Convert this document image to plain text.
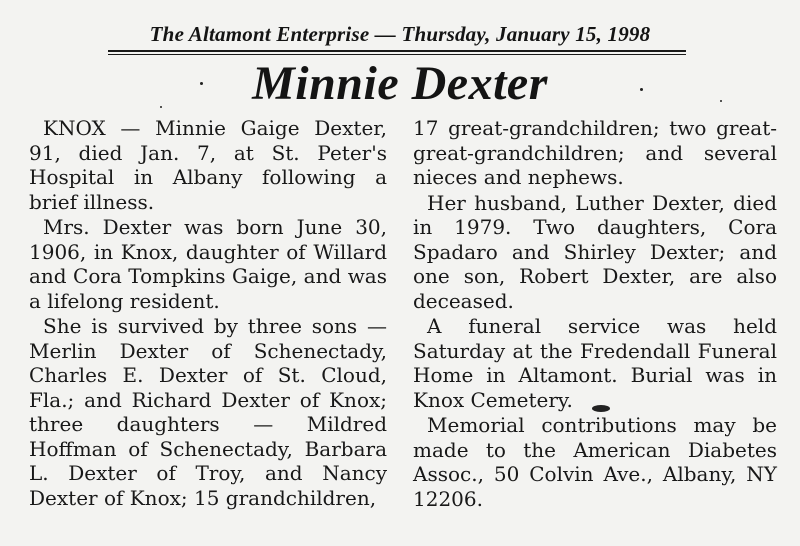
The Altamont Enterprise — Thursday, January 15, 1998
Minnie Dexter

KNOX — Minnie Gaige Dexter, 91, died Jan. 7, at St. Peter's Hospital in Albany following a brief illness.

Mrs. Dexter was born June 30, 1906, in Knox, daughter of Willard and Cora Tompkins Gaige, and was a lifelong resident.

She is survived by three sons — Merlin Dexter of Schenectady, Charles E. Dexter of St. Cloud, Fla.; and Richard Dexter of Knox; three daughters — Mildred Hoffman of Schenectady, Barbara L. Dexter of Troy, and Nancy Dexter of Knox; 15 grandchildren,

17 great-grandchildren; two great-great-grandchildren; and several nieces and nephews.

Her husband, Luther Dexter, died in 1979. Two daughters, Cora Spadaro and Shirley Dexter; and one son, Robert Dexter, are also deceased.

A funeral service was held Saturday at the Fredendall Funeral Home in Altamont. Burial was in Knox Cemetery.

Memorial contributions may be made to the American Diabetes Assoc., 50 Colvin Ave., Albany, NY 12206.
